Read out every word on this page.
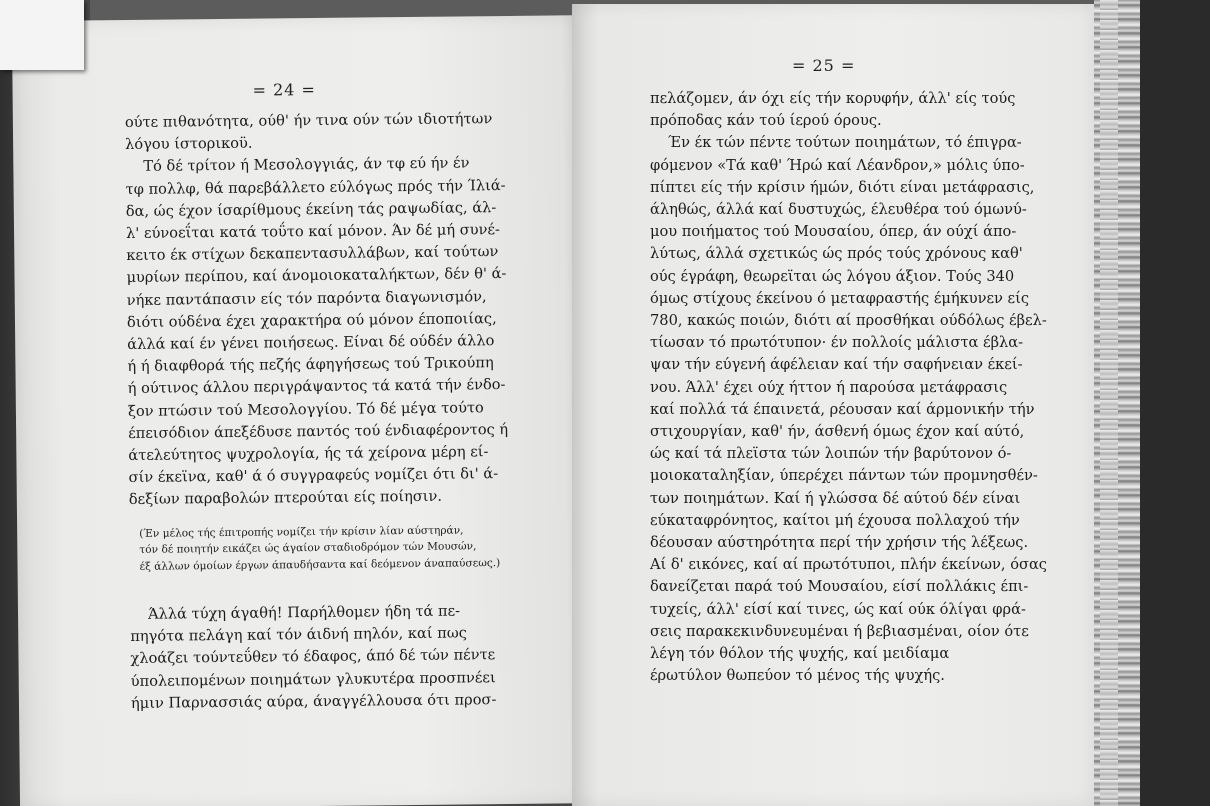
= 24 =
ούτε πιθανότητα, ούθ' ήν τινα ούν τών ιδιοτήτων
λόγου ίστορικοϋ.
Τό δέ τρίτον ή Μεσολογγιάς, άν τφ εύ ήν έν
τφ πολλφ, θά παρεβάλλετο εύλόγως πρός τήν Ίλιά-
δα, ώς έχον ίσαρίθμους έκείνη τάς ραψωδίας, άλ-
λ' εύνοεΐται κατά τοΰτο καί μόνον. Άν δέ μή συνέ-
κειτο έκ στίχων δεκαπεντασυλλάβων, καί τούτων
μυρίων περίπου, καί άνομοιοκαταλήκτων, δέν θ' ά-
νήκε παντάπασιν είς τόν παρόντα διαγωνισμόν,
διότι ούδένα έχει χαρακτήρα ού μόνον έποποιίας,
άλλά καί έν γένει ποιήσεως. Είναι δέ ούδέν άλλο
ή ή διαφθορά τής πεζής άφηγήσεως τού Τρικούπη
ή ούτινος άλλου περιγράψαντος τά κατά τήν ένδο-
ξον πτώσιν τού Μεσολογγίου. Τό δέ μέγα τούτο
έπεισόδιον άπεξέδυσε παντός τού ένδιαφέροντος ή
άτελεύτητος ψυχρολογία, ής τά χείρονα μέρη εί-
σίν έκεϊνα, καθ' ά ό συγγραφεύς νομίζει ότι δι' ά-
δεξίων παραβολών πτερούται είς ποίησιν.
(Έν μέλος τής έπιτροπής νομίζει τήν κρίσιν λίαν αύστηράν,
τόν δέ ποιητήν εικάζει ώς άγαίον σταδιοδρόμον τών Μουσών,
έξ άλλων όμοίων έργων άπαυδήσαντα καί δεόμενον άναπαύσεως.)
Άλλά τύχη άγαθή! Παρήλθομεν ήδη τά πε-
πηγότα πελάγη καί τόν άιδνή πηλόν, καί πως
χλοάζει τούντεΰθεν τό έδαφος, άπό δέ τών πέντε
ύπολειπομένων ποιημάτων γλυκυτέρα προσπνέει
ήμιν Παρνασσιάς αύρα, άναγγέλλουσα ότι προσ-
= 25 =
πελάζομεν, άν όχι είς τήν κορυφήν, άλλ' είς τούς
πρόποδας κάν τού ίερού όρους.
Έν έκ τών πέντε τούτων ποιημάτων, τό έπιγρα-
φόμενον «Τά καθ' Ήρώ καί Λέανδρον,» μόλις ύπο-
πίπτει είς τήν κρίσιν ήμών, διότι είναι μετάφρασις,
άληθώς, άλλά καί δυστυχώς, έλευθέρα τού όμωνύ-
μου ποιήματος τού Μουσαίου, όπερ, άν ούχί άπο-
λύτως, άλλά σχετικώς ώς πρός τούς χρόνους καθ'
ούς έγράφη, θεωρεϊται ώς λόγου άξιον. Τούς 340
όμως στίχους έκείνου ό μεταφραστής έμήκυνεν είς
780, κακώς ποιών, διότι αί προσθήκαι ούδόλως έβελ-
τίωσαν τό πρωτότυπον· έν πολλοίς μάλιστα έβλα-
ψαν τήν εύγενή άφέλειαν καί τήν σαφήνειαν έκεί-
νου. Άλλ' έχει ούχ ήττον ή παρούσα μετάφρασις
καί πολλά τά έπαινετά, ρέουσαν καί άρμονικήν τήν
στιχουργίαν, καθ' ήν, άσθενή όμως έχον καί αύτό,
ώς καί τά πλεϊστα τών λοιπών τήν βαρύτονον ό-
μοιοκαταληξίαν, ύπερέχει πάντων τών προμνησθέν-
των ποιημάτων. Καί ή γλώσσα δέ αύτού δέν είναι
εύκαταφρόνητος, καίτοι μή έχουσα πολλαχού τήν
δέουσαν αύστηρότητα περί τήν χρήσιν τής λέξεως.
Αί δ' εικόνες, καί αί πρωτότυποι, πλήν έκείνων, όσας
δανείζεται παρά τού Μουσαίου, είσί πολλάκις έπι-
τυχείς, άλλ' είσί καί τινες, ώς καί ούκ όλίγαι φρά-
σεις παρακεκινδυνευμέναι ή βεβιασμέναι, οίον ότε
λέγη τόν θόλον τής ψυχής, καί μειδίαμα
έρωτύλον θωπεύον τό μένος τής ψυχής.
